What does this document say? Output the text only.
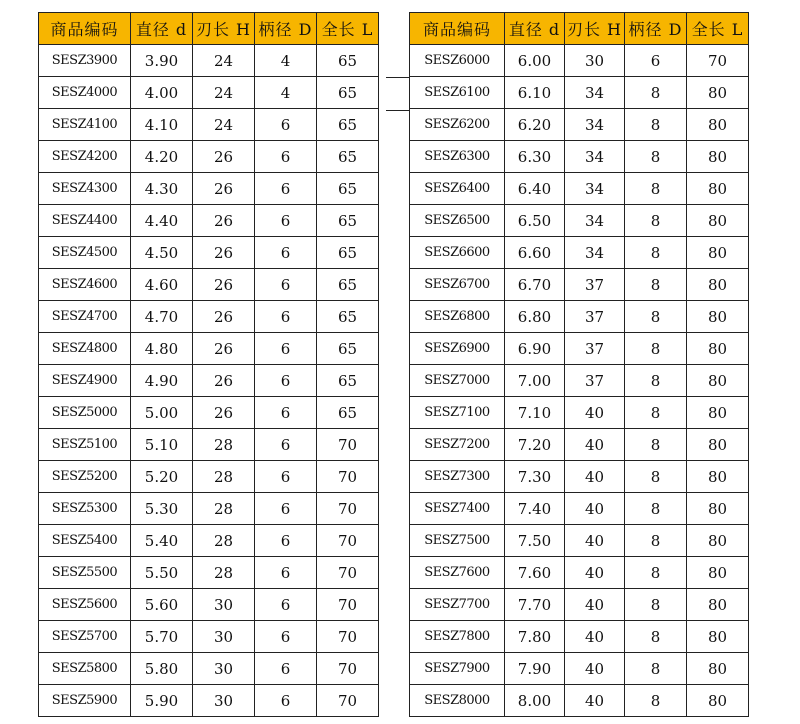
商品编码	直径 d	刃长 H	柄径 D	全长 L
SESZ3900	3.90	24	4	65
SESZ4000	4.00	24	4	65
SESZ4100	4.10	24	6	65
SESZ4200	4.20	26	6	65
SESZ4300	4.30	26	6	65
SESZ4400	4.40	26	6	65
SESZ4500	4.50	26	6	65
SESZ4600	4.60	26	6	65
SESZ4700	4.70	26	6	65
SESZ4800	4.80	26	6	65
SESZ4900	4.90	26	6	65
SESZ5000	5.00	26	6	65
SESZ5100	5.10	28	6	70
SESZ5200	5.20	28	6	70
SESZ5300	5.30	28	6	70
SESZ5400	5.40	28	6	70
SESZ5500	5.50	28	6	70
SESZ5600	5.60	30	6	70
SESZ5700	5.70	30	6	70
SESZ5800	5.80	30	6	70
SESZ5900	5.90	30	6	70
商品编码	直径 d	刃长 H	柄径 D	全长 L
SESZ6000	6.00	30	6	70
SESZ6100	6.10	34	8	80
SESZ6200	6.20	34	8	80
SESZ6300	6.30	34	8	80
SESZ6400	6.40	34	8	80
SESZ6500	6.50	34	8	80
SESZ6600	6.60	34	8	80
SESZ6700	6.70	37	8	80
SESZ6800	6.80	37	8	80
SESZ6900	6.90	37	8	80
SESZ7000	7.00	37	8	80
SESZ7100	7.10	40	8	80
SESZ7200	7.20	40	8	80
SESZ7300	7.30	40	8	80
SESZ7400	7.40	40	8	80
SESZ7500	7.50	40	8	80
SESZ7600	7.60	40	8	80
SESZ7700	7.70	40	8	80
SESZ7800	7.80	40	8	80
SESZ7900	7.90	40	8	80
SESZ8000	8.00	40	8	80
